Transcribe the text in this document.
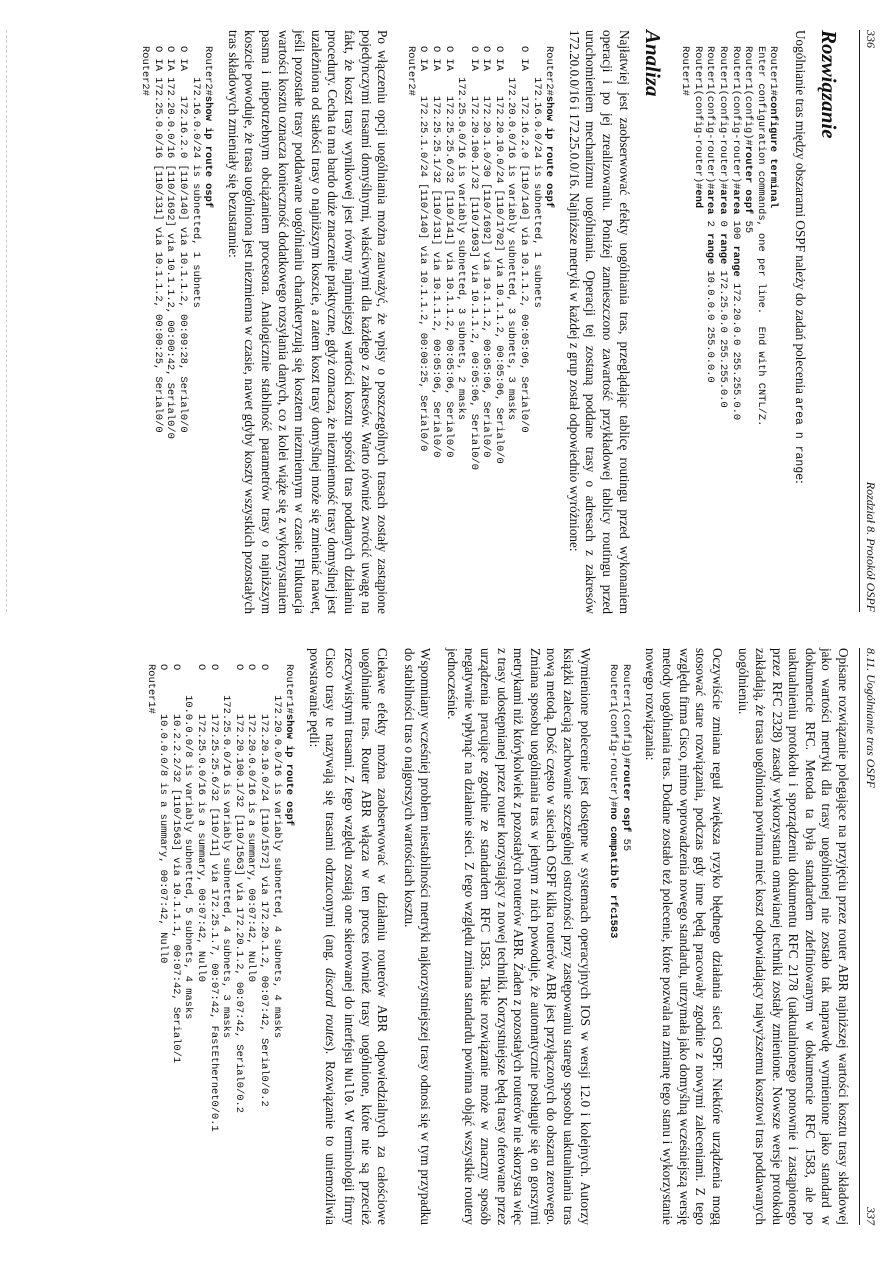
336
Rozdział 8. Protokół OSPF
Rozwiązanie

Uogólnianie tras między obszarami OSPF należy do zadań polecenia area n range:

Router1#configure terminal
Enter configuration commands, one per line.  End with CNTL/Z.
Router1(config)#router ospf 55
Router1(config-router)#area 100 range 172.20.0.0 255.255.0.0
Router1(config-router)#area 0 range 172.25.0.0 255.255.0.0
Router1(config-router)#area 2 range 10.0.0.0 255.0.0.0
Router1(config-router)#end
Router1#
Analiza

Najłatwiej jest zaobserwować efekty uogólniania tras, przeglądając tablicę routingu przed wykonaniem operacji i po jej zrealizowaniu. Poniżej zamieszczono zawartość przykładowej tablicy routingu przed uruchomieniem mechanizmu uogólniania. Operacji tej zostaną poddane trasy o adresach z zakresów 172.20.0.0/16 i 172.25.0.0/16. Najniższe metryki w każdej z grup został odpowiednio wyróżnione:

Router2#show ip route ospf
172.16.0.0/24 is subnetted, 1 subnets
O IA    172.16.2.0 [110/140] via 10.1.1.2, 00:05:06, Serial0/0
172.20.0.0/16 is variably subnetted, 3 subnets, 3 masks
O IA    172.20.10.0/24 [110/1702] via 10.1.1.2, 00:05:06, Serial0/0
O IA    172.20.1.0/30 [110/1692] via 10.1.1.2, 00:05:06, Serial0/0
O IA    172.20.100.1/32 [110/1693] via 10.1.1.2, 00:05:06, Serial0/0
172.25.0.0/16 is variably subnetted, 3 subnets, 2 masks
O IA    172.25.25.6/32 [110/141] via 10.1.1.2, 00:05:06, Serial0/0
O IA    172.25.25.1/32 [110/131] via 10.1.1.2, 00:05:06, Serial0/0
O IA    172.25.1.0/24 [110/140] via 10.1.1.2, 00:00:25, Serial0/0
Router2#

Po włączeniu opcji uogólniania można zauważyć, że wpisy o poszczególnych trasach zostały zastąpione pojedynczymi trasami domyślnymi, właściwymi dla każdego z zakresów. Warto również zwrócić uwagę na fakt, że koszt trasy wynikowej jest równy najmniejszej wartości kosztu spośród tras poddanych działaniu procedury. Cecha ta ma bardo duże znaczenie praktyczne, gdyż oznacza, że niezmienność trasy domyślnej jest uzależniona od stałości trasy o najniższym koszcie, a zatem koszt trasy domyślnej może się zmieniać nawet, jeśli pozostałe trasy poddawane uogólnianiu charakteryzują się kosztem niezmiennym w czasie. Fluktuacja wartości kosztu oznacza konieczność dodatkowego rozsyłania danych, co z kolei wiąże się z wykorzystaniem pasma i niepotrzebnym obciążaniem procesora. Analogicznie stabilność parametrów trasy o najniższym koszcie powoduje, że trasa uogólniona jest niezmienna w czasie, nawet gdyby koszty wszystkich pozostałych tras składowych zmieniały się bezustannie:

Router2#show ip route ospf
172.16.0.0/24 is subnetted, 1 subnets
O IA    172.16.2.0 [110/140] via 10.1.1.2, 00:09:28, Serial0/0
O IA 172.20.0.0/16 [110/1692] via 10.1.1.2, 00:00:42, Serial0/0
O IA 172.25.0.0/16 [110/131] via 10.1.1.2, 00:00:25, Serial0/0
Router2#
8.11. Uogólnianie tras OSPF
337

Opisane rozwiązanie polegające na przyjęciu przez router ABR najniższej wartości kosztu trasy składowej jako wartości metryki dla trasy uogólnionej nie zostało tak naprawdę wymienione jako standard w dokumencie RFC. Metoda ta była standardem zdefiniowanym w dokumencie RFC 1583, ale po uaktualnieniu protokołu i sporządzeniu dokumentu RFC 2178 (uaktualnionego ponownie i zastąpionego przez RFC 2328) zasady wykorzystania omawianej techniki zostały zmienione. Nowsze wersje protokołu zakładają, że trasa uogólniona powinna mieć koszt odpowiadający najwyższemu kosztowi tras poddawanych uogólnieniu.

Oczywiście zmiana reguł zwiększa ryzyko błędnego działania sieci OSPF. Niektóre urządzenia mogą stosować stare rozwiązania, podczas gdy inne będą pracowały zgodnie z nowymi zaleceniami. Z tego względu firma Cisco, mimo wprowadzenia nowego standardu, utrzymała jako domyślną wcześniejszą wersję metody uogólniania tras. Dodane zostało też polecenie, które pozwala na zmianę tego stanu i wykorzystanie nowego rozwiązania:

Router1(config)#router ospf 55
Router1(config-router)#no compatible rfc1583

Wymienione polecenie jest dostępne w systemach operacyjnych IOS w wersji 12.0 i kolejnych. Autorzy książki zalecają zachowanie szczególnej ostrożności przy zastępowaniu starego sposobu uaktualniania tras nową metodą. Dość często w sieciach OSPF kilka routerów ABR jest przyłączonych do obszaru zerowego. Zmiana sposobu uogólniania tras w jednym z nich powoduje, że automatycznie posługuje się on gorszymi metrykami niż którykolwiek z pozostałych routerów ABR. Żaden z pozostałych routerów nie skorzysta więc z trasy udostępnianej przez router korzystający z nowej techniki. Korzystniejsze będą trasy oferowane przez urządzenia pracujące zgodnie ze standardem RFC 1583. Takie rozwiązanie może w znaczny sposób negatywnie wpłynąć na działanie sieci. Z tego względu zmiana standardu powinna objąć wszystkie routery jednocześnie.

Wspomniany wcześniej problem niestabilności metryki najkorzystniejszej trasy odnosi się w tym przypadku do stabilności tras o najgorszych wartościach kosztu.

Ciekawe efekty można zaobserwować w działaniu routerów ABR odpowiedzialnych za całościowe uogólnianie tras. Router ABR włącza w ten proces również trasy uogólnione, które nie są przecież rzeczywistymi trasami. Z tego względu zostają one skierowanej do interfejsu Null0. W terminologii firmy Cisco trasy te nazywają się trasami odrzuconymi (ang. discard routes). Rozwiązanie to uniemożliwia powstawanie pętli:

Router1#show ip route ospf
172.20.0.0/16 is variably subnetted, 4 subnets, 4 masks
O       172.20.10.0/24 [110/1572] via 172.20.1.2, 00:07:42, Serial0/0.2
O       172.20.0.0/16 is a summary, 00:07:42, Null0
O       172.20.100.1/32 [110/1563] via 172.20.1.2, 00:07:42, Serial0/0.2
172.25.0.0/16 is variably subnetted, 4 subnets, 3 masks
O       172.25.25.6/32 [110/11] via 172.25.1.7, 00:07:42, FastEthernet0/0.1
O       172.25.0.0/16 is a summary, 00:07:42, Null0
10.0.0.0/8 is variably subnetted, 5 subnets, 4 masks
O       10.2.2.2/32 [110/1563] via 10.1.1.1, 00:07:42, Serial0/1
O       10.0.0.0/8 is a summary, 00:07:42, Null0
Router1#
